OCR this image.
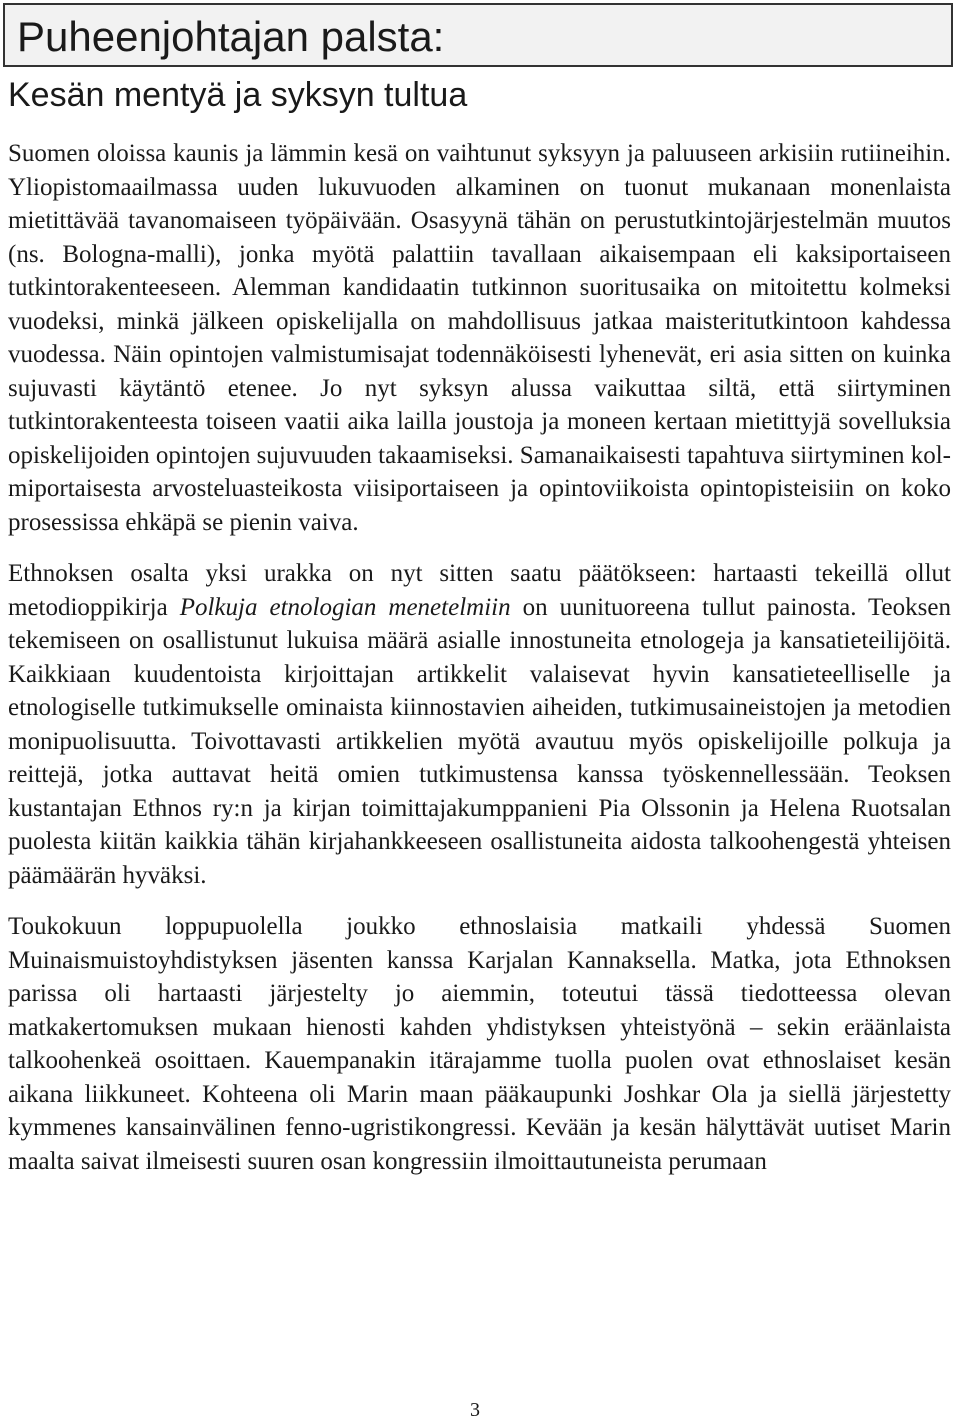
Puheenjohtajan palsta:
Kesän mentyä ja syksyn tultua

Suomen oloissa kaunis ja lämmin kesä on vaihtunut syksyyn ja paluuseen arkisiin rutiineihin. Yliopistomaailmassa uuden lukuvuoden alkaminen on tuonut mukanaan monenlaista mietittävää tavanomaiseen työpäivään. Osasyynä tähän on perustutkintojärjestelmän muutos (ns. Bologna-malli), jonka myötä palattiin tavallaan aikaisempaan eli kaksiportaiseen tutkintorakenteeseen. Alemman kandidaatin tutkinnon suoritusaika on mitoitettu kolmeksi vuodeksi, minkä jälkeen opiskelijalla on mahdollisuus jatkaa maisteritutkintoon kahdessa vuodessa. Näin opintojen valmistumisajat todennäköisesti lyhenevät, eri asia sitten on kuinka sujuvasti käytäntö etenee. Jo nyt syksyn alussa vaikuttaa siltä, että siirtyminen tutkintorakenteesta toiseen vaatii aika lailla joustoja ja moneen kertaan mietittyjä sovelluksia opiskelijoiden opintojen sujuvuuden takaamiseksi. Samanaikaisesti tapahtuva siirtyminen kolmiportaisesta arvosteluasteikosta viisiportaiseen ja opintoviikoista opintopisteisiin on koko prosessissa ehkäpä se pienin vaiva.

Ethnoksen osalta yksi urakka on nyt sitten saatu päätökseen: hartaasti tekeillä ollut metodioppikirja Polkuja etnologian menetelmiin on uunituoreena tullut painosta. Teoksen tekemiseen on osallistunut lukuisa määrä asialle innostuneita etnologeja ja kansatieteilijöitä. Kaikkiaan kuudentoista kirjoittajan artikkelit valaisevat hyvin kansatieteelliselle ja etnologiselle tutkimukselle ominaista kiinnostavien aiheiden, tutkimusaineistojen ja metodien monipuolisuutta. Toivottavasti artikkelien myötä avautuu myös opiskelijoille polkuja ja reittejä, jotka auttavat heitä omien tutkimustensa kanssa työskennellessään. Teoksen kustantajan Ethnos ry:n ja kirjan toimittajakumppanieni Pia Olssonin ja Helena Ruotsalan puolesta kiitän kaikkia tähän kirjahankkeeseen osallistuneita aidosta talkoohengestä yhteisen päämäärän hyväksi.

Toukokuun loppupuolella joukko ethnoslaisia matkaili yhdessä Suomen Muinaismuistoyhdistyksen jäsenten kanssa Karjalan Kannaksella. Matka, jota Ethnoksen parissa oli hartaasti järjestelty jo aiemmin, toteutui tässä tiedotteessa olevan matkakertomuksen mukaan hienosti kahden yhdistyksen yhteistyönä – sekin eräänlaista talkoohenkeä osoittaen. Kauempanakin itärajamme tuolla puolen ovat ethnoslaiset kesän aikana liikkuneet. Kohteena oli Marin maan pääkaupunki Joshkar Ola ja siellä järjestetty kymmenes kansainvälinen fenno-ugristikongressi. Kevään ja kesän hälyttävät uutiset Marin maalta saivat ilmeisesti suuren osan kongressiin ilmoittautuneista perumaan

3
